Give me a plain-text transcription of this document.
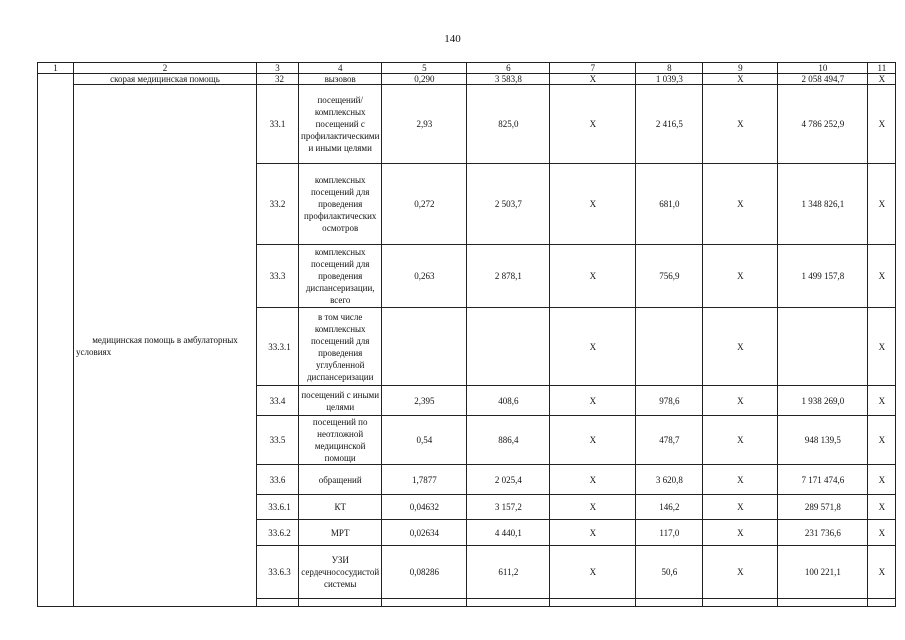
140
1	2	3	4	5	6	7	8	9	10	11
	скорая медицинская помощь	32	вызовов	0,290	3 583,8	X	1 039,3	X	2 058 494,7	X
	медицинская помощь в амбулаторных условиях	33.1	посещений/комплексных посещений с профилактическими и иными целями	2,93	825,0	X	2 416,5	X	4 786 252,9	X
		33.2	комплексных посещений для проведения профилактических осмотров	0,272	2 503,7	X	681,0	X	1 348 826,1	X
		33.3	комплексных посещений для проведения диспансеризации, всего	0,263	2 878,1	X	756,9	X	1 499 157,8	X
		33.3.1	в том числе комплексных посещений для проведения углубленной диспансеризации			X		X		X
		33.4	посещений с иными целями	2,395	408,6	X	978,6	X	1 938 269,0	X
		33.5	посещений по неотложной медицинской помощи	0,54	886,4	X	478,7	X	948 139,5	X
		33.6	обращений	1,7877	2 025,4	X	3 620,8	X	7 171 474,6	X
		33.6.1	КТ	0,04632	3 157,2	X	146,2	X	289 571,8	X
		33.6.2	МРТ	0,02634	4 440,1	X	117,0	X	231 736,6	X
		33.6.3	УЗИ сердечнососудистой системы	0,08286	611,2	X	50,6	X	100 221,1	X
